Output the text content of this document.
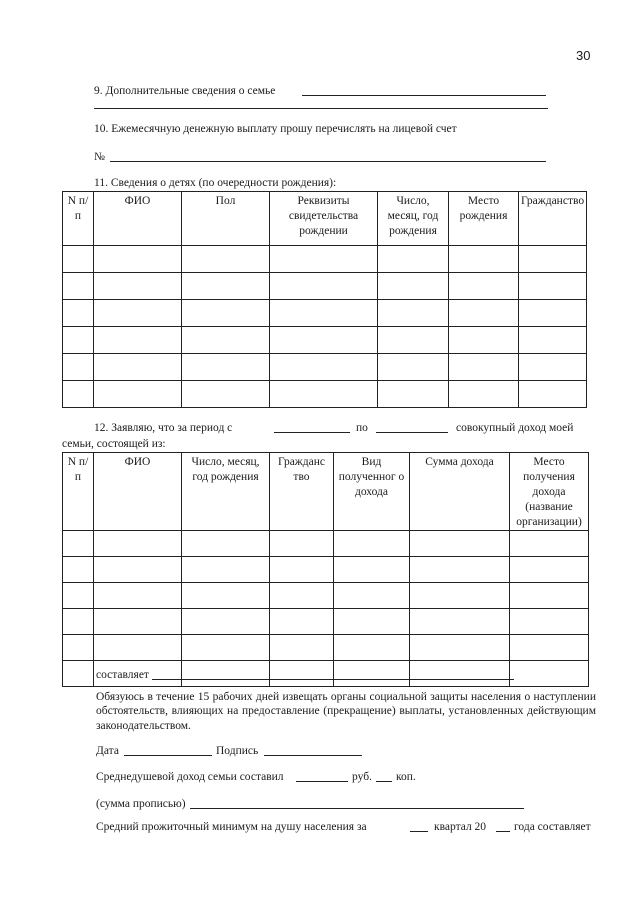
30
9. Дополнительные сведения о семье
10. Ежемесячную денежную выплату прошу перечислять на лицевой счет
№
11. Сведения о детях (по очередности рождения):
N п/п	ФИО	Пол	Реквизиты свидетельства рождении	Число, месяц, год рождения	Место рождения	Гражданство

12. Заявляю, что за период с	по	совокупный доход моей
семьи, состоящей из:
N п/п	ФИО	Число, месяц, год рождения	Гражданс тво	Вид полученног о дохода	Сумма дохода	Место получения дохода (название организации)

составляет
Обязуюсь в течение 15 рабочих дней извещать органы социальной защиты населения о наступлении обстоятельств, влияющих на предоставление (прекращение) выплаты, установленных действующим законодательством.
Дата	Подпись
Среднедушевой доход семьи составил	руб. коп.
(сумма прописью)
Средний прожиточный минимум на душу населения за	квартал 20 года составляет
